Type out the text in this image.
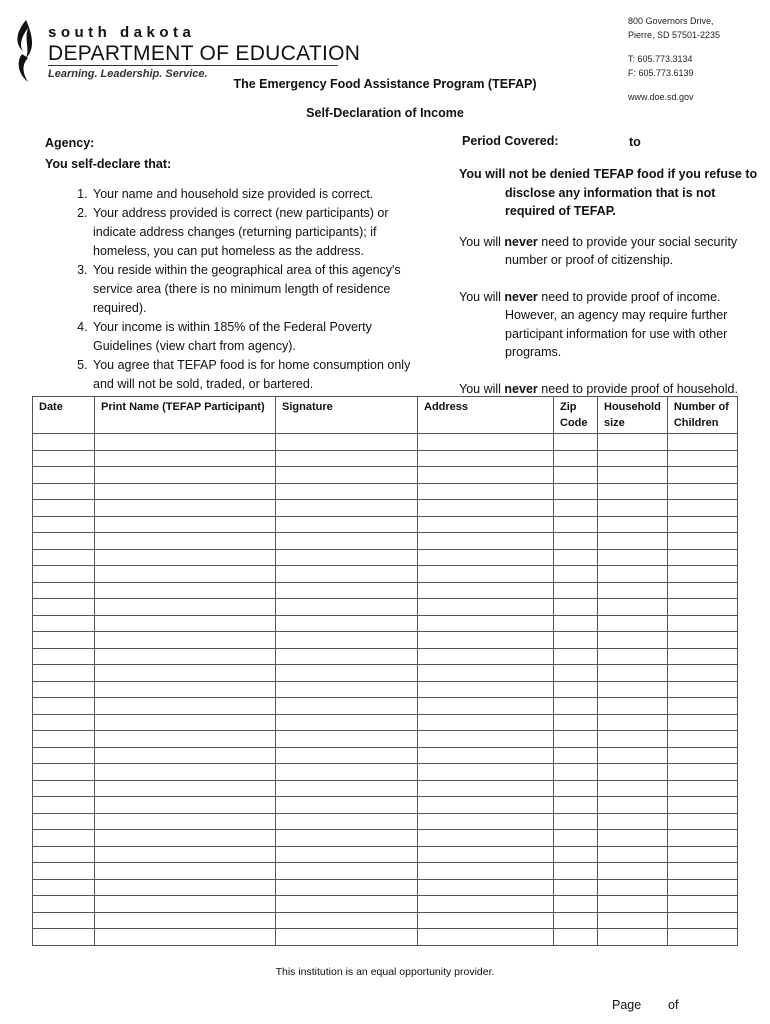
south dakota
DEPARTMENT OF EDUCATION
Learning. Leadership. Service.
800 Governors Drive,
Pierre, SD 57501-2235
T: 605.773.3134
F: 605.773.6139
www.doe.sd.gov
The Emergency Food Assistance Program (TEFAP)
Self-Declaration of Income
Agency:	Period Covered:	to
You self-declare that:
1. Your name and household size provided is correct.
2. Your address provided is correct (new participants) or indicate address changes (returning participants); if homeless, you can put homeless as the address.
3. You reside within the geographical area of this agency's service area (there is no minimum length of residence required).
4. Your income is within 185% of the Federal Poverty Guidelines (view chart from agency).
5. You agree that TEFAP food is for home consumption only and will not be sold, traded, or bartered.

You will not be denied TEFAP food if you refuse to disclose any information that is not required of TEFAP.

You will never need to provide your social security number or proof of citizenship.

You will never need to provide proof of income. However, an agency may require further participant information for use with other programs.

You will never need to provide proof of household.

Date	Print Name (TEFAP Participant)	Signature	Address	Zip Code	Household size	Number of Children

This institution is an equal opportunity provider.
Page of
